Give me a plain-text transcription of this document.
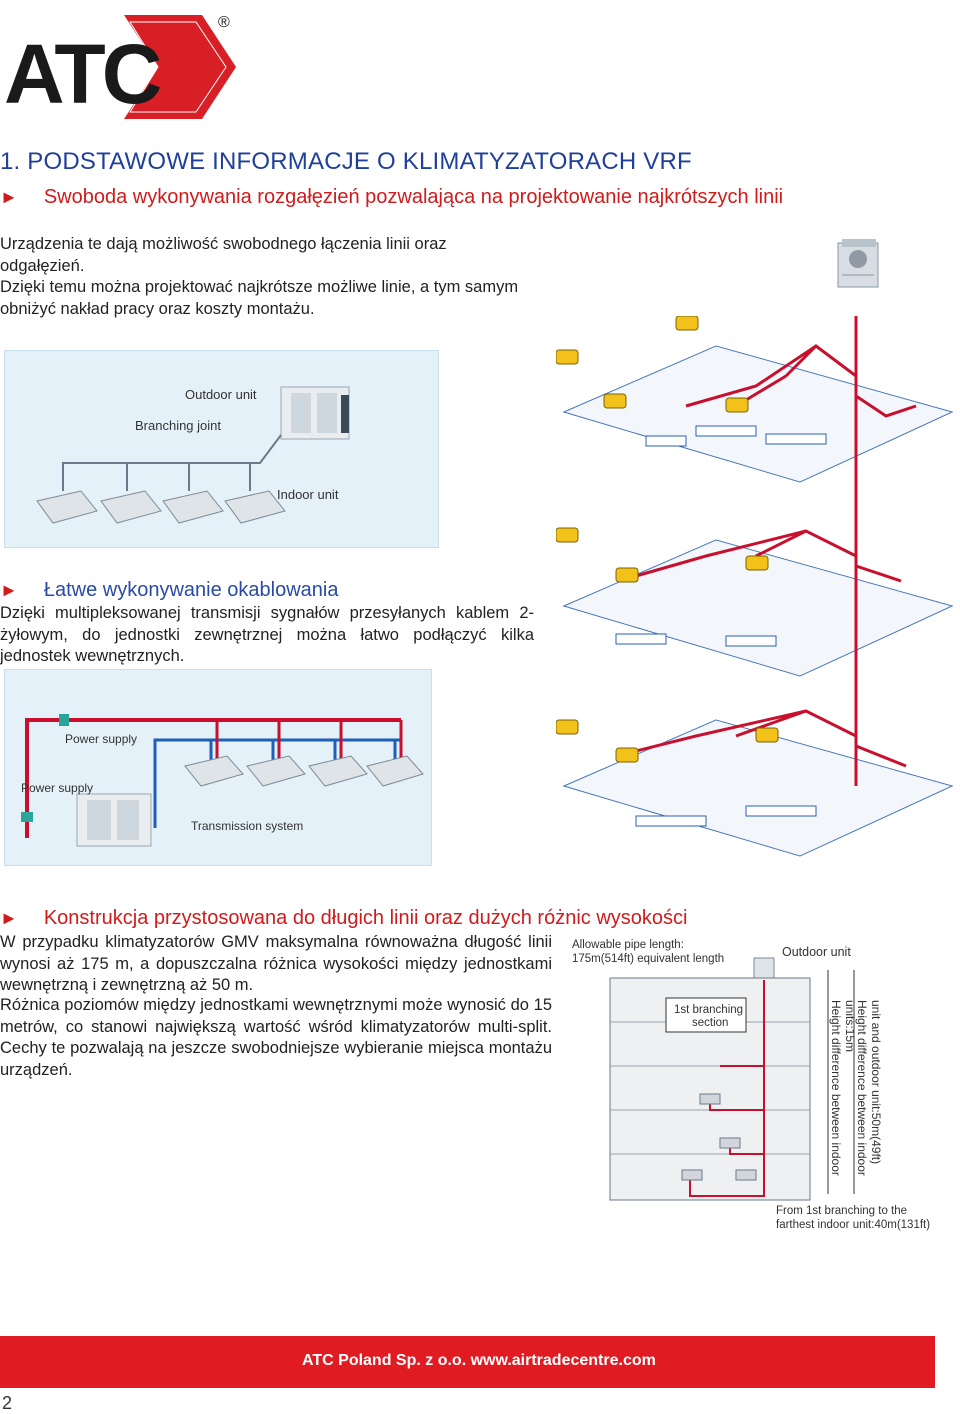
ATC
®
1. PODSTAWOWE INFORMACJE O KLIMATYZATORACH VRF
► Swoboda wykonywania rozgałęzień pozwalająca na projektowanie najkrótszych linii
Urządzenia te dają możliwość swobodnego łączenia linii oraz odgałęzień.
Dzięki temu można projektować najkrótsze możliwe linie, a tym samym obniżyć nakład pracy oraz koszty montażu.
Outdoor unit
Branching joint
Indoor unit
► Łatwe wykonywanie okablowania
Dzięki multipleksowanej transmisji sygnałów przesyłanych kablem 2-żyłowym, do jednostki zewnętrznej można łatwo podłączyć kilka jednostek wewnętrznych.
Power supply
Power supply
Transmission system
► Konstrukcja przystosowana do długich linii oraz dużych różnic wysokości
W przypadku klimatyzatorów GMV maksymalna równoważna długość linii wynosi aż 175 m, a dopuszczalna różnica wysokości między jednostkami wewnętrzną i zewnętrzną aż 50 m.
Różnica poziomów między jednostkami wewnętrznymi może wynosić do 15 metrów, co stanowi największą wartość wśród klimatyzatorów multi-split. Cechy te pozwalają na jeszcze swobodniejsze wybieranie miejsca montażu urządzeń.
Allowable pipe length:
175m(514ft) equivalent length	Outdoor unit
1st branching
section	Height difference between indoor unit and outdoor unit:50m(49ft)
Height difference between indoor units:15m
From 1st branching to the
farthest indoor unit:40m(131ft)
ATC Poland Sp. z o.o. www.airtradecentre.com
2
